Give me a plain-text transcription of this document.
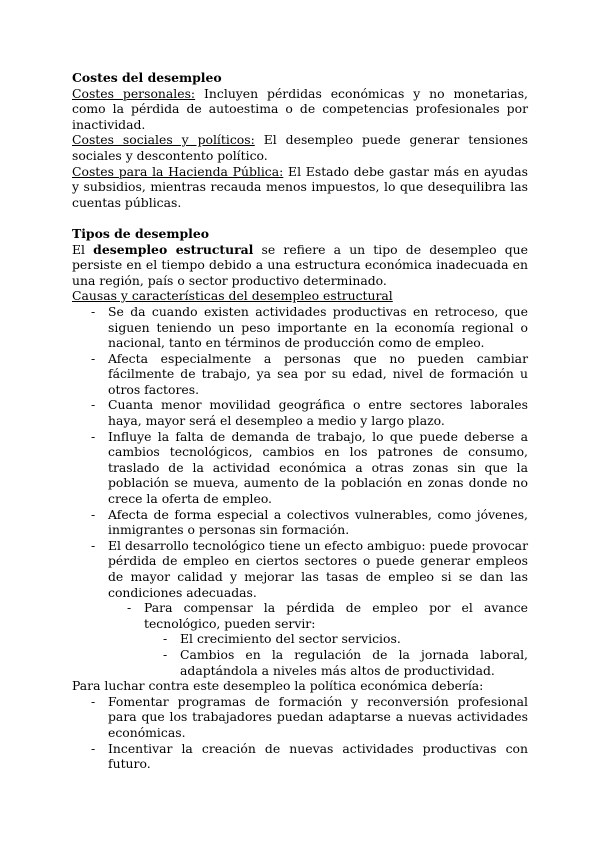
Costes del desempleo

Costes personales: Incluyen pérdidas económicas y no monetarias, como la pérdida de autoestima o de competencias profesionales por inactividad.

Costes sociales y políticos: El desempleo puede generar tensiones sociales y descontento político.

Costes para la Hacienda Pública: El Estado debe gastar más en ayudas y subsidios, mientras recauda menos impuestos, lo que desequilibra las cuentas públicas.

Tipos de desempleo

El desempleo estructural se refiere a un tipo de desempleo que persiste en el tiempo debido a una estructura económica inadecuada en una región, país o sector productivo determinado.

Causas y características del desempleo estructural

- Se da cuando existen actividades productivas en retroceso, que siguen teniendo un peso importante en la economía regional o nacional, tanto en términos de producción como de empleo.
- Afecta especialmente a personas que no pueden cambiar fácilmente de trabajo, ya sea por su edad, nivel de formación u otros factores.
- Cuanta menor movilidad geográfica o entre sectores laborales haya, mayor será el desempleo a medio y largo plazo.
- Influye la falta de demanda de trabajo, lo que puede deberse a cambios tecnológicos, cambios en los patrones de consumo, traslado de la actividad económica a otras zonas sin que la población se mueva, aumento de la población en zonas donde no crece la oferta de empleo.
- Afecta de forma especial a colectivos vulnerables, como jóvenes, inmigrantes o personas sin formación.
- El desarrollo tecnológico tiene un efecto ambiguo: puede provocar pérdida de empleo en ciertos sectores o puede generar empleos de mayor calidad y mejorar las tasas de empleo si se dan las condiciones adecuadas.
- Para compensar la pérdida de empleo por el avance tecnológico, pueden servir:
- El crecimiento del sector servicios.
- Cambios en la regulación de la jornada laboral, adaptándola a niveles más altos de productividad.

Para luchar contra este desempleo la política económica debería:

- Fomentar programas de formación y reconversión profesional para que los trabajadores puedan adaptarse a nuevas actividades económicas.
- Incentivar la creación de nuevas actividades productivas con futuro.
